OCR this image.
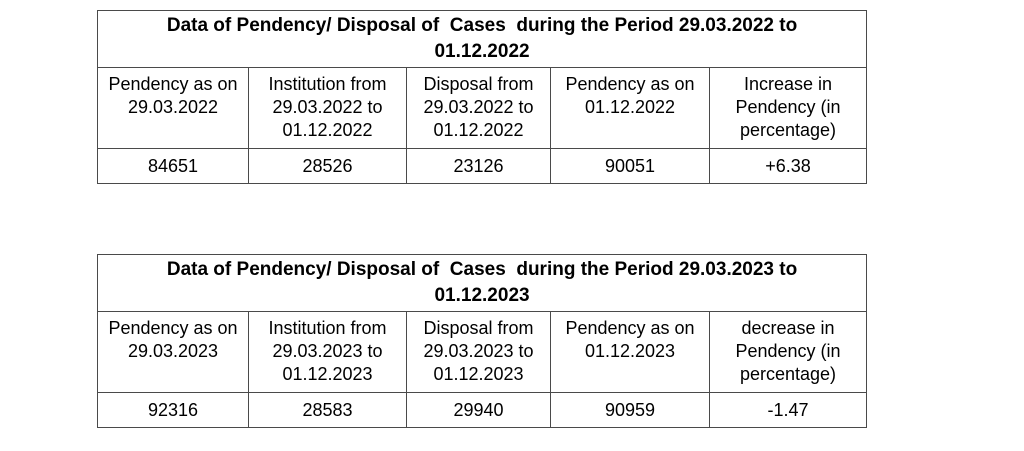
Data of Pendency/ Disposal of  Cases  during the Period 29.03.2022 to 01.12.2022				
Pendency as on 29.03.2022	Institution from 29.03.2022 to 01.12.2022	Disposal from 29.03.2022 to 01.12.2022	Pendency as on 01.12.2022	Increase in Pendency (in percentage)
84651	28526	23126	90051	+6.38
Data of Pendency/ Disposal of  Cases  during the Period 29.03.2023 to 01.12.2023				
Pendency as on 29.03.2023	Institution from 29.03.2023 to 01.12.2023	Disposal from 29.03.2023 to 01.12.2023	Pendency as on 01.12.2023	decrease in Pendency (in percentage)
92316	28583	29940	90959	-1.47
